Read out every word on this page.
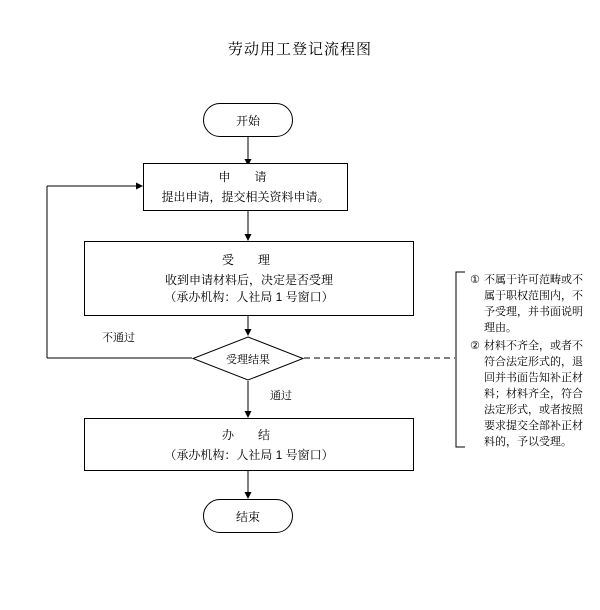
劳动用工登记流程图
开始
申　请
提出申请，提交相关资料申请。
受　理
收到申请材料后，决定是否受理
（承办机构：人社局 1 号窗口）
受理结果
不通过
通过
办　结
（承办机构：人社局 1 号窗口）
结束
① 不属于许可范畴或不属于职权范围内，不予受理，并书面说明理由。
② 材料不齐全，或者不符合法定形式的，退回并书面告知补正材料；材料齐全，符合法定形式，或者按照要求提交全部补正材料的，予以受理。
